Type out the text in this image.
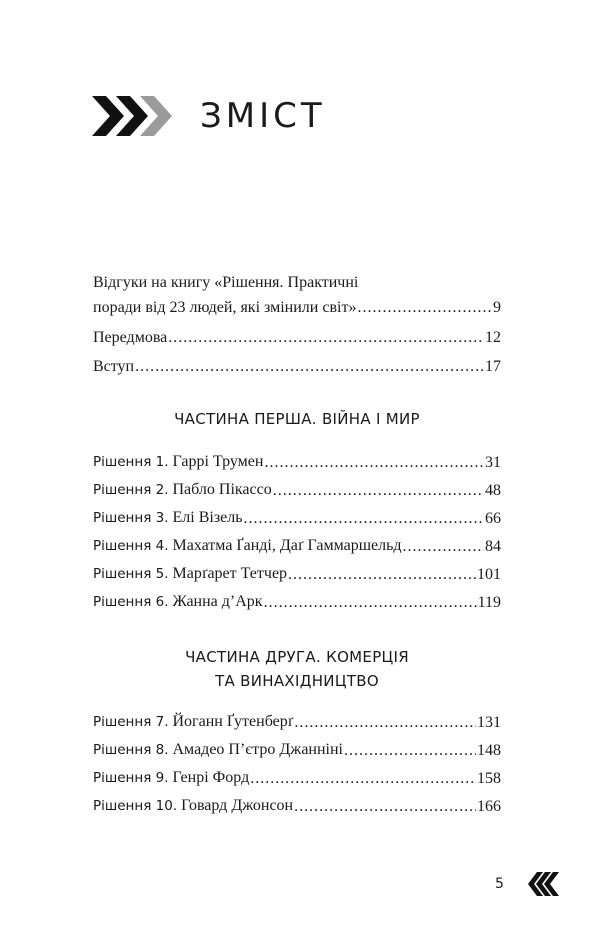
ЗМІСТ
Відгуки на книгу «Рішення. Практичні
поради від 23 людей, які змінили світ» .....	9
Передмова .....	12
Вступ .....	17
ЧАСТИНА ПЕРША. ВІЙНА І МИР
Рішення 1. Гаррі Трумен .....	31
Рішення 2. Пабло Пікассо .....	48
Рішення 3. Елі Візель .....	66
Рішення 4. Махатма Ґанді, Даґ Гаммаршельд .....	84
Рішення 5. Марґарет Тетчер .....	101
Рішення 6. Жанна д’Арк .....	119
ЧАСТИНА ДРУГА. КОМЕРЦІЯ
ТА ВИНАХІДНИЦТВО
Рішення 7. Йоганн Ґутенберґ .....	131
Рішення 8. Амадео П’єтро Джанніні .....	148
Рішення 9. Генрі Форд .....	158
Рішення 10. Говард Джонсон .....	166
5
